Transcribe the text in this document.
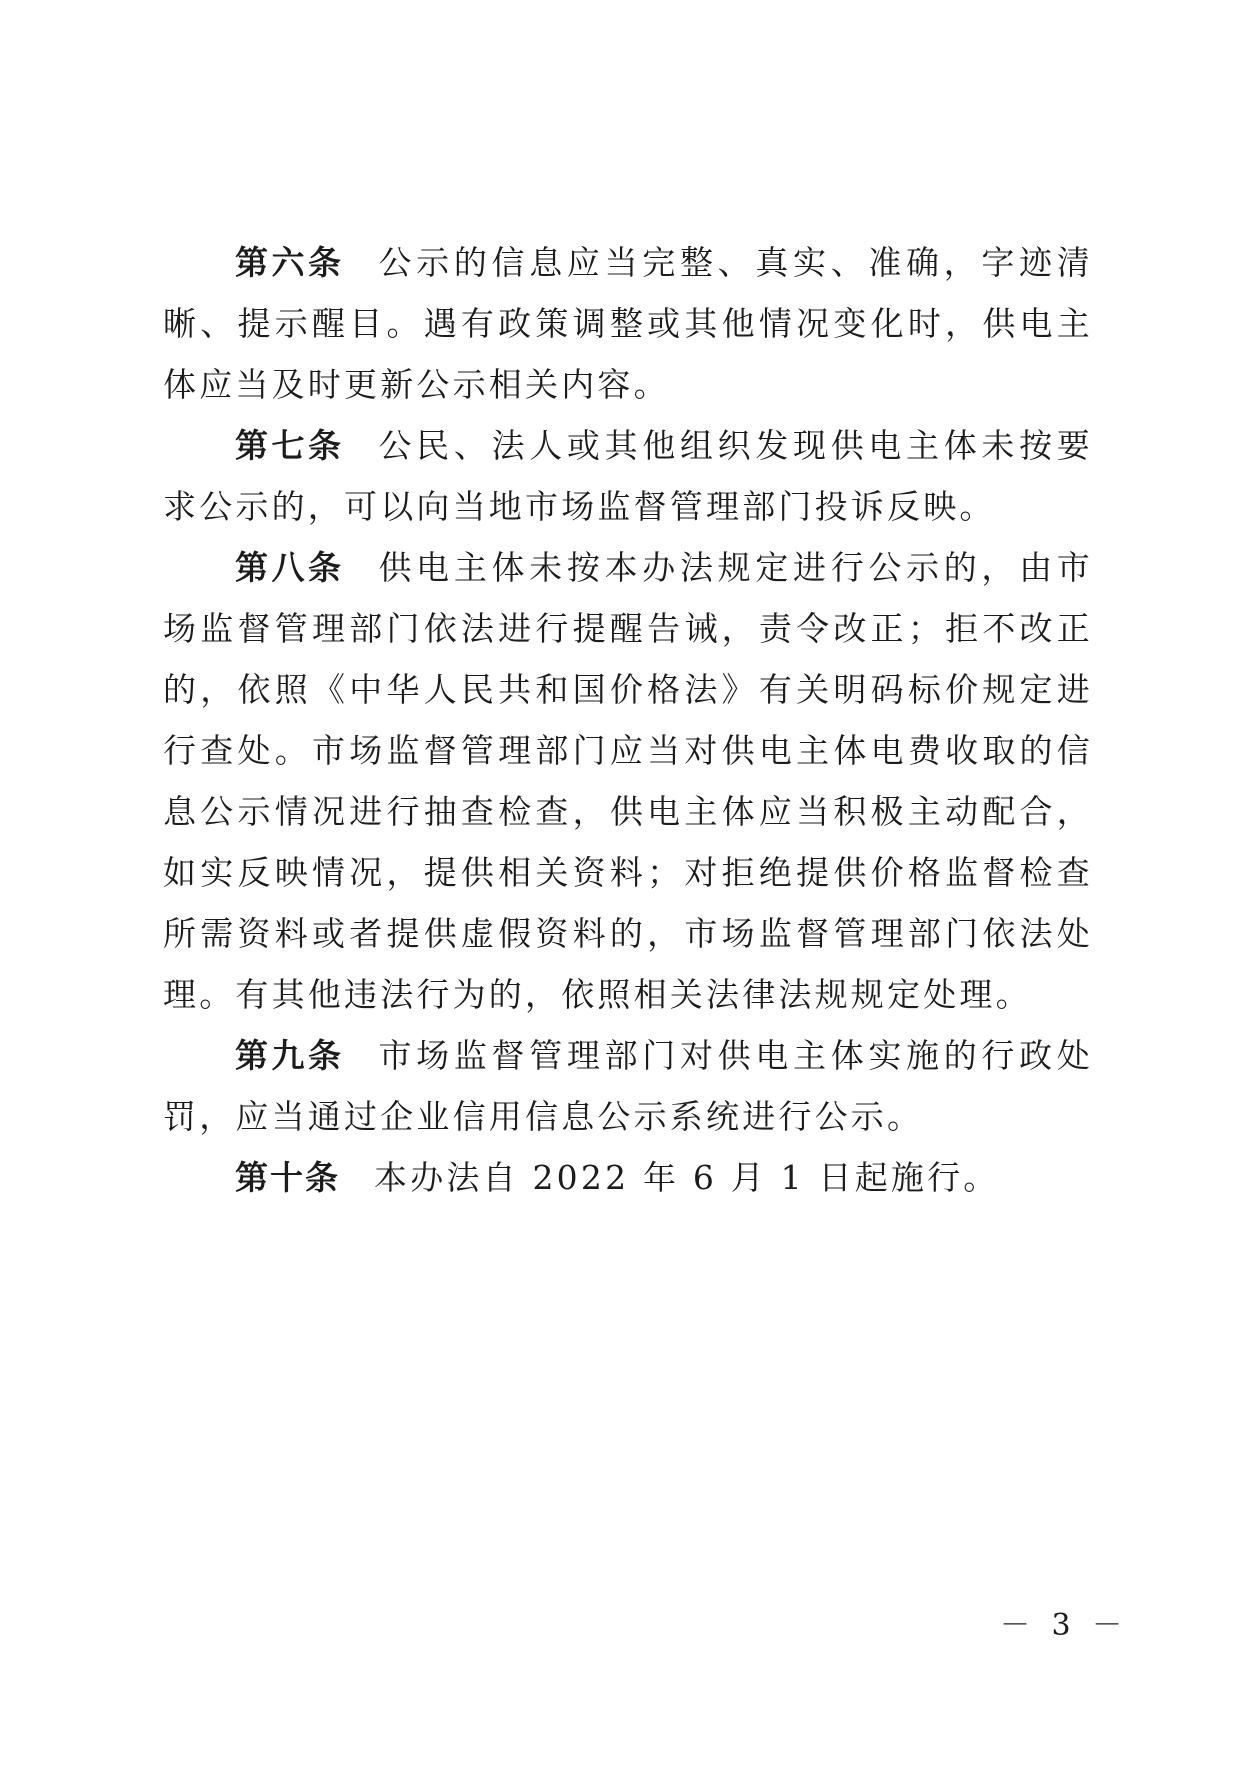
第六条 公示的信息应当完整、真实、准确，字迹清晰、提示醒目。遇有政策调整或其他情况变化时，供电主体应当及时更新公示相关内容。

第七条 公民、法人或其他组织发现供电主体未按要求公示的，可以向当地市场监督管理部门投诉反映。

第八条 供电主体未按本办法规定进行公示的，由市场监督管理部门依法进行提醒告诫，责令改正；拒不改正的，依照《中华人民共和国价格法》有关明码标价规定进行查处。市场监督管理部门应当对供电主体电费收取的信息公示情况进行抽查检查，供电主体应当积极主动配合，如实反映情况，提供相关资料；对拒绝提供价格监督检查所需资料或者提供虚假资料的，市场监督管理部门依法处理。有其他违法行为的，依照相关法律法规规定处理。

第九条 市场监督管理部门对供电主体实施的行政处罚，应当通过企业信用信息公示系统进行公示。

第十条 本办法自 2022 年 6 月 1 日起施行。

－ 3 －
